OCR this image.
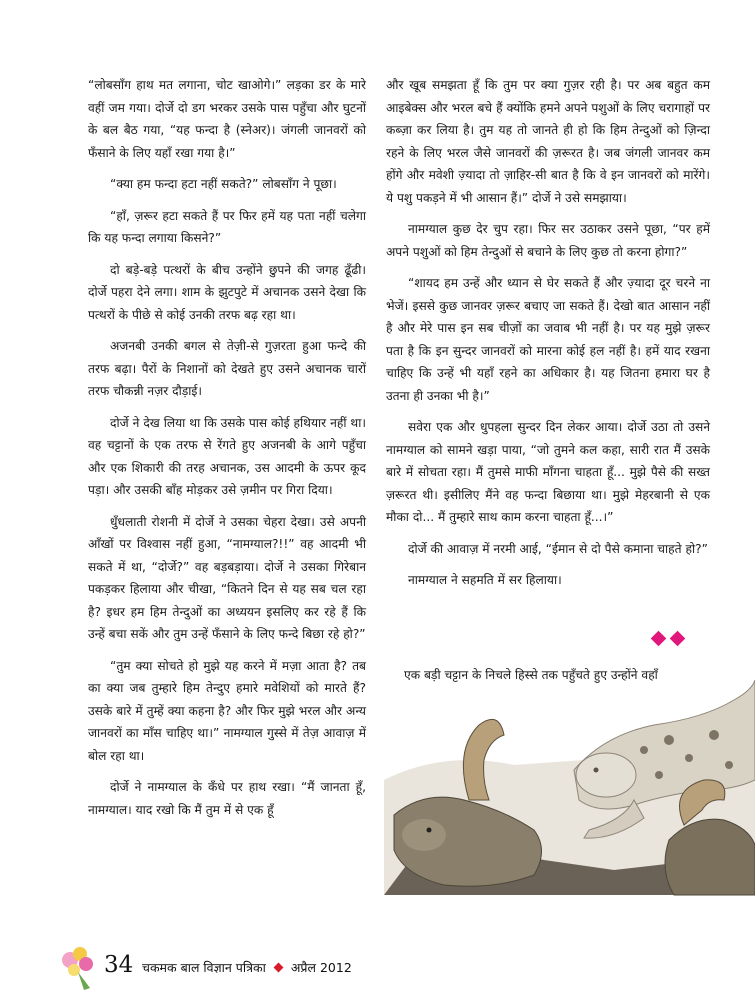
“लोबसाँग हाथ मत लगाना, चोट खाओगे।” लड़का डर के मारे वहीं जम गया। दोर्जे दो डग भरकर उसके पास पहुँचा और घुटनों के बल बैठ गया, “यह फन्दा है (स्नेअर)। जंगली जानवरों को फँसाने के लिए यहाँ रखा गया है।”

“क्या हम फन्दा हटा नहीं सकते?” लोबसाँग ने पूछा।

“हाँ, ज़रूर हटा सकते हैं पर फिर हमें यह पता नहीं चलेगा कि यह फन्दा लगाया किसने?”

दो बड़े-बड़े पत्थरों के बीच उन्होंने छुपने की जगह ढूँढी। दोर्जे पहरा देने लगा। शाम के झुटपुटे में अचानक उसने देखा कि पत्थरों के पीछे से कोई उनकी तरफ बढ़ रहा था।

अजनबी उनकी बगल से तेज़ी-से गुज़रता हुआ फन्दे की तरफ बढ़ा। पैरों के निशानों को देखते हुए उसने अचानक चारों तरफ चौकन्नी नज़र दौड़ाई।

दोर्जे ने देख लिया था कि उसके पास कोई हथियार नहीं था। वह चट्टानों के एक तरफ से रेंगते हुए अजनबी के आगे पहुँचा और एक शिकारी की तरह अचानक, उस आदमी के ऊपर कूद पड़ा। और उसकी बाँह मोड़कर उसे ज़मीन पर गिरा दिया।

धुँधलाती रोशनी में दोर्जे ने उसका चेहरा देखा। उसे अपनी आँखों पर विश्वास नहीं हुआ, “नामग्याल?!!” वह आदमी भी सकते में था, “दोर्जे?” वह बड़बड़ाया। दोर्जे ने उसका गिरेबान पकड़कर हिलाया और चीखा, “कितने दिन से यह सब चल रहा है? इधर हम हिम तेन्दुओं का अध्ययन इसलिए कर रहे हैं कि उन्हें बचा सकें और तुम उन्हें फँसाने के लिए फन्दे बिछा रहे हो?”

“तुम क्या सोचते हो मुझे यह करने में मज़ा आता है? तब का क्या जब तुम्हारे हिम तेन्दुए हमारे मवेशियों को मारते हैं? उसके बारे में तुम्हें क्या कहना है? और फिर मुझे भरल और अन्य जानवरों का माँस चाहिए था।” नामग्याल गुस्से में तेज़ आवाज़ में बोल रहा था।

दोर्जे ने नामग्याल के कँधे पर हाथ रखा। “मैं जानता हूँ, नामग्याल। याद रखो कि मैं तुम में से एक हूँ

और खूब समझता हूँ कि तुम पर क्या गुज़र रही है। पर अब बहुत कम आइबेक्स और भरल बचे हैं क्योंकि हमने अपने पशुओं के लिए चरागाहों पर कब्ज़ा कर लिया है। तुम यह तो जानते ही हो कि हिम तेन्दुओं को ज़िन्दा रहने के लिए भरल जैसे जानवरों की ज़रूरत है। जब जंगली जानवर कम होंगे और मवेशी ज़्यादा तो ज़ाहिर-सी बात है कि वे इन जानवरों को मारेंगे। ये पशु पकड़ने में भी आसान हैं।” दोर्जे ने उसे समझाया।

नामग्याल कुछ देर चुप रहा। फिर सर उठाकर उसने पूछा, “पर हमें अपने पशुओं को हिम तेन्दुओं से बचाने के लिए कुछ तो करना होगा?”

“शायद हम उन्हें और ध्यान से घेर सकते हैं और ज़्यादा दूर चरने ना भेजें। इससे कुछ जानवर ज़रूर बचाए जा सकते हैं। देखो बात आसान नहीं है और मेरे पास इन सब चीज़ों का जवाब भी नहीं है। पर यह मुझे ज़रूर पता है कि इन सुन्दर जानवरों को मारना कोई हल नहीं है। हमें याद रखना चाहिए कि उन्हें भी यहाँ रहने का अधिकार है। यह जितना हमारा घर है उतना ही उनका भी है।”

सवेरा एक और धुपहला सुन्दर दिन लेकर आया। दोर्जे उठा तो उसने नामग्याल को सामने खड़ा पाया, “जो तुमने कल कहा, सारी रात मैं उसके बारे में सोचता रहा। मैं तुमसे माफी माँगना चाहता हूँ... मुझे पैसे की सख्त ज़रूरत थी। इसीलिए मैंने वह फन्दा बिछाया था। मुझे मेहरबानी से एक मौका दो... मैं तुम्हारे साथ काम करना चाहता हूँ...।”

दोर्जे की आवाज़ में नरमी आई, “ईमान से दो पैसे कमाना चाहते हो?”

नामग्याल ने सहमति में सर हिलाया।

एक बड़ी चट्टान के निचले हिस्से तक पहुँचते हुए उन्होंने वहाँ
34 चकमक बाल विज्ञान पत्रिका अप्रैल 2012
